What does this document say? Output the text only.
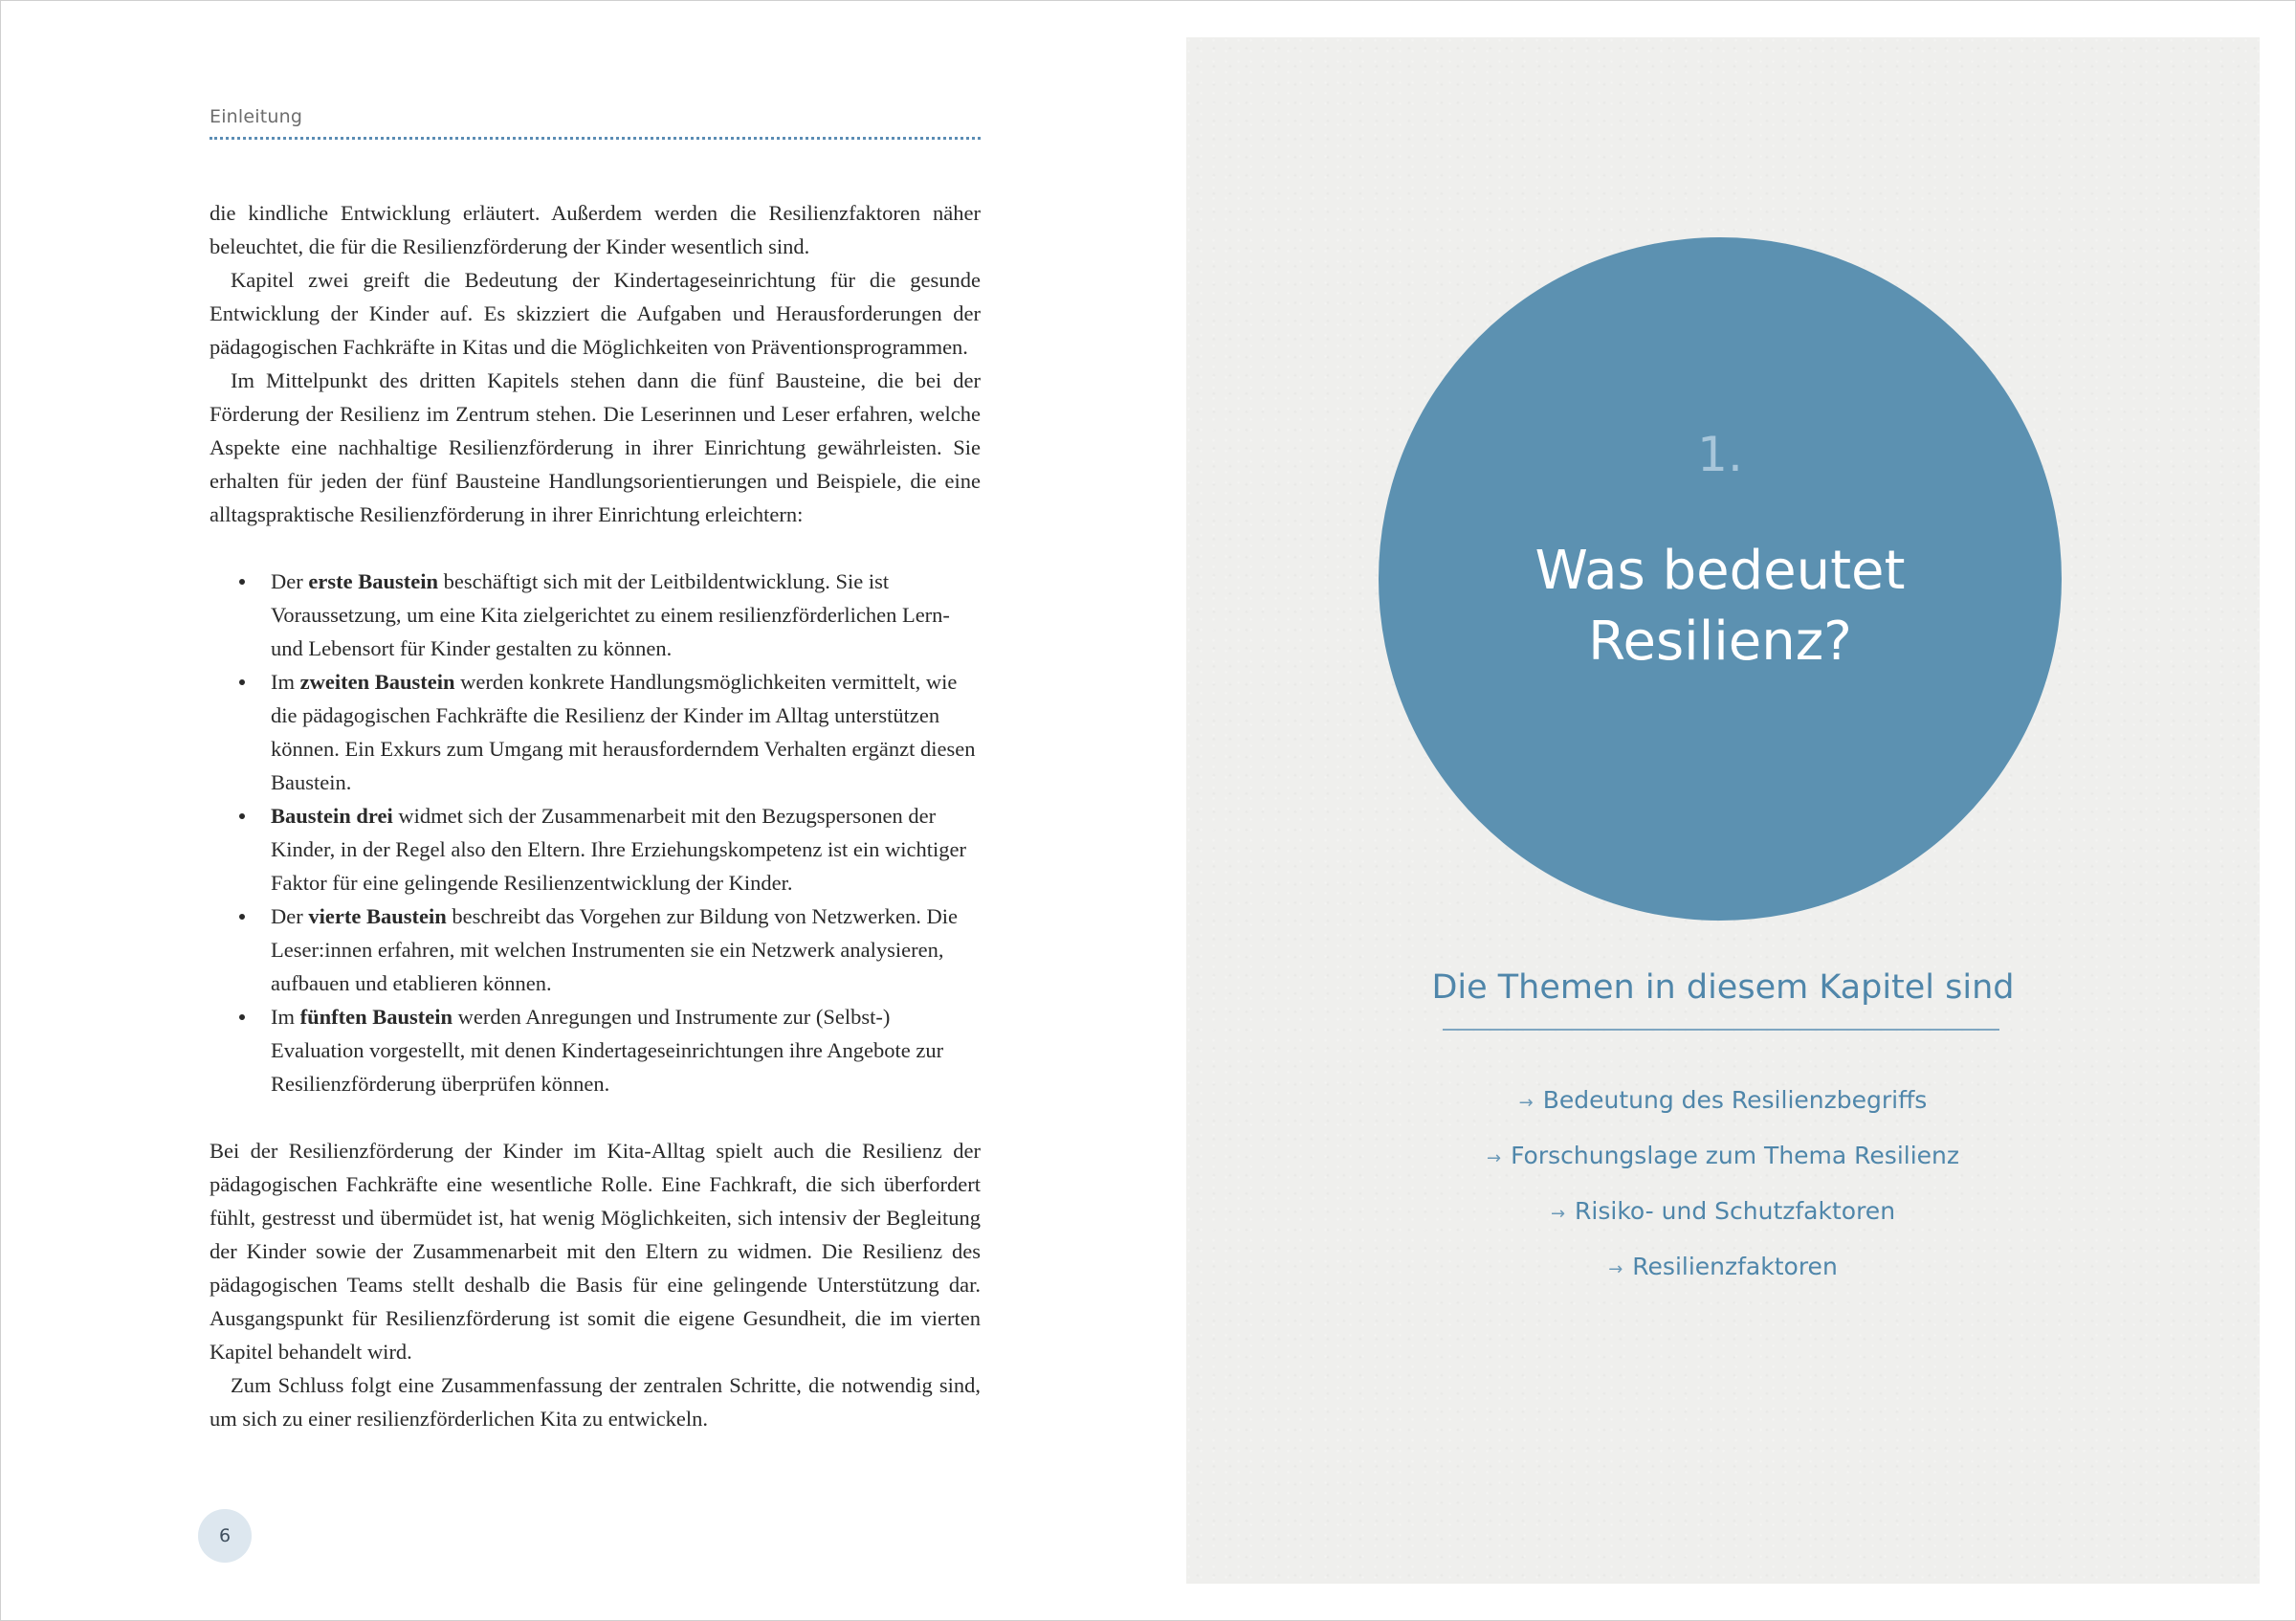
Einleitung

die kindliche Entwicklung erläutert. Außerdem werden die Resilienzfaktoren näher beleuchtet, die für die Resilienzförderung der Kinder wesentlich sind.

Kapitel zwei greift die Bedeutung der Kindertageseinrichtung für die gesunde Entwicklung der Kinder auf. Es skizziert die Aufgaben und Herausforderungen der pädagogischen Fachkräfte in Kitas und die Möglichkeiten von Präventionsprogrammen.

Im Mittelpunkt des dritten Kapitels stehen dann die fünf Bausteine, die bei der Förderung der Resilienz im Zentrum stehen. Die Leserinnen und Leser erfahren, welche Aspekte eine nachhaltige Resilienzförderung in ihrer Einrichtung gewährleisten. Sie erhalten für jeden der fünf Bausteine Handlungsorientierungen und Beispiele, die eine alltagspraktische Resilienzförderung in ihrer Einrichtung erleichtern:

Der erste Baustein beschäftigt sich mit der Leitbildentwicklung. Sie ist Voraussetzung, um eine Kita zielgerichtet zu einem resilienzförderlichen Lern- und Lebensort für Kinder gestalten zu können.
Im zweiten Baustein werden konkrete Handlungsmöglichkeiten vermittelt, wie die pädagogischen Fachkräfte die Resilienz der Kinder im Alltag unterstützen können. Ein Exkurs zum Umgang mit herausforderndem Verhalten ergänzt diesen Baustein.
Baustein drei widmet sich der Zusammenarbeit mit den Bezugspersonen der Kinder, in der Regel also den Eltern. Ihre Erziehungskompetenz ist ein wichtiger Faktor für eine gelingende Resilienzentwicklung der Kinder.
Der vierte Baustein beschreibt das Vorgehen zur Bildung von Netzwerken. Die Leser:innen erfahren, mit welchen Instrumenten sie ein Netzwerk analysieren, aufbauen und etablieren können.
Im fünften Baustein werden Anregungen und Instrumente zur (Selbst-) Evaluation vorgestellt, mit denen Kindertageseinrichtungen ihre Angebote zur Resilienzförderung überprüfen können.

Bei der Resilienzförderung der Kinder im Kita-Alltag spielt auch die Resilienz der pädagogischen Fachkräfte eine wesentliche Rolle. Eine Fachkraft, die sich überfordert fühlt, gestresst und übermüdet ist, hat wenig Möglichkeiten, sich intensiv der Begleitung der Kinder sowie der Zusammenarbeit mit den Eltern zu widmen. Die Resilienz des pädagogischen Teams stellt deshalb die Basis für eine gelingende Unterstützung dar. Ausgangspunkt für Resilienzförderung ist somit die eigene Gesundheit, die im vierten Kapitel behandelt wird.

Zum Schluss folgt eine Zusammenfassung der zentralen Schritte, die notwendig sind, um sich zu einer resilienzförderlichen Kita zu entwickeln.

6
1.
Was bedeutet
Resilienz?
Die Themen in diesem Kapitel sind
→ Bedeutung des Resilienzbegriffs
→ Forschungslage zum Thema Resilienz
→ Risiko- und Schutzfaktoren
→ Resilienzfaktoren
